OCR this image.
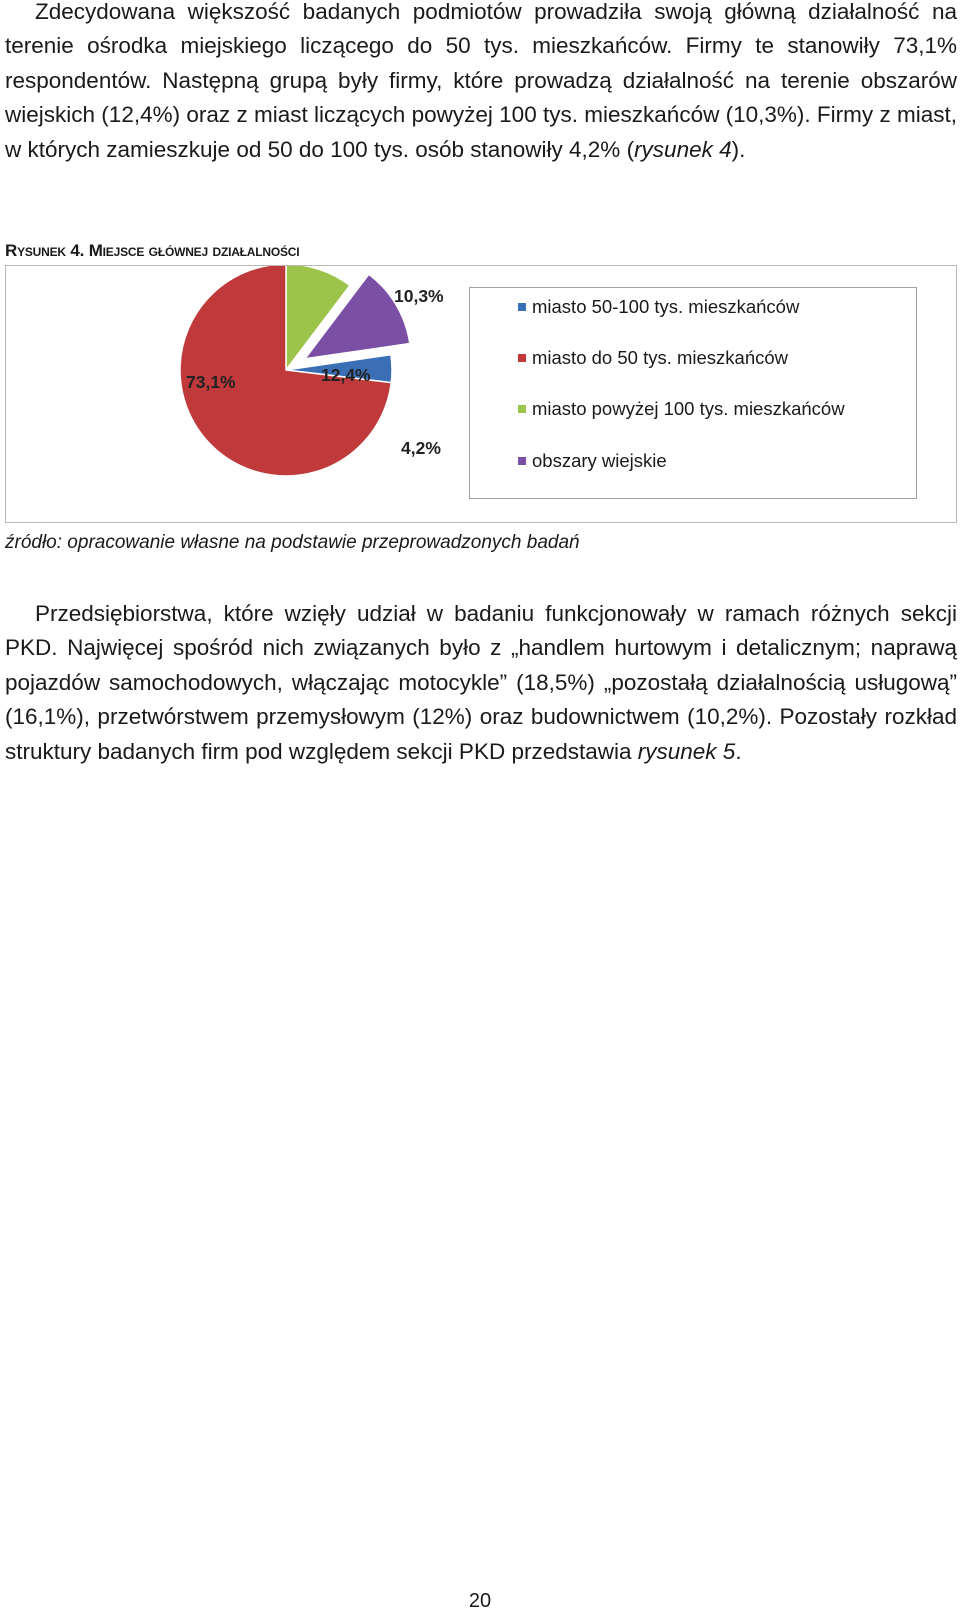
Zdecydowana większość badanych podmiotów prowadziła swoją główną działalność na terenie ośrodka miejskiego liczącego do 50 tys. mieszkańców. Firmy te stanowiły 73,1% respondentów. Następną grupą były firmy, które prowadzą działalność na terenie obszarów wiejskich (12,4%) oraz z miast liczących powyżej 100 tys. mieszkańców (10,3%). Firmy z miast, w których zamieszkuje od 50 do 100 tys. osób stanowiły 4,2% (rysunek 4).

Rysunek 4. Miejsce głównej działalności

4,2%
73,1%
10,3%
12,4%
miasto 50-100 tys. mieszkańców
miasto do 50 tys. mieszkańców
miasto powyżej 100 tys. mieszkańców
obszary wiejskie

źródło: opracowanie własne na podstawie przeprowadzonych badań

Przedsiębiorstwa, które wzięły udział w badaniu funkcjonowały w ramach różnych sekcji PKD. Najwięcej spośród nich związanych było z „handlem hurtowym i detalicznym; naprawą pojazdów samochodowych, włączając motocykle” (18,5%) „pozostałą działalnością usługową” (16,1%), przetwórstwem przemysłowym (12%) oraz budownictwem (10,2%). Pozostały rozkład struktury badanych firm pod względem sekcji PKD przedstawia rysunek 5.

20
